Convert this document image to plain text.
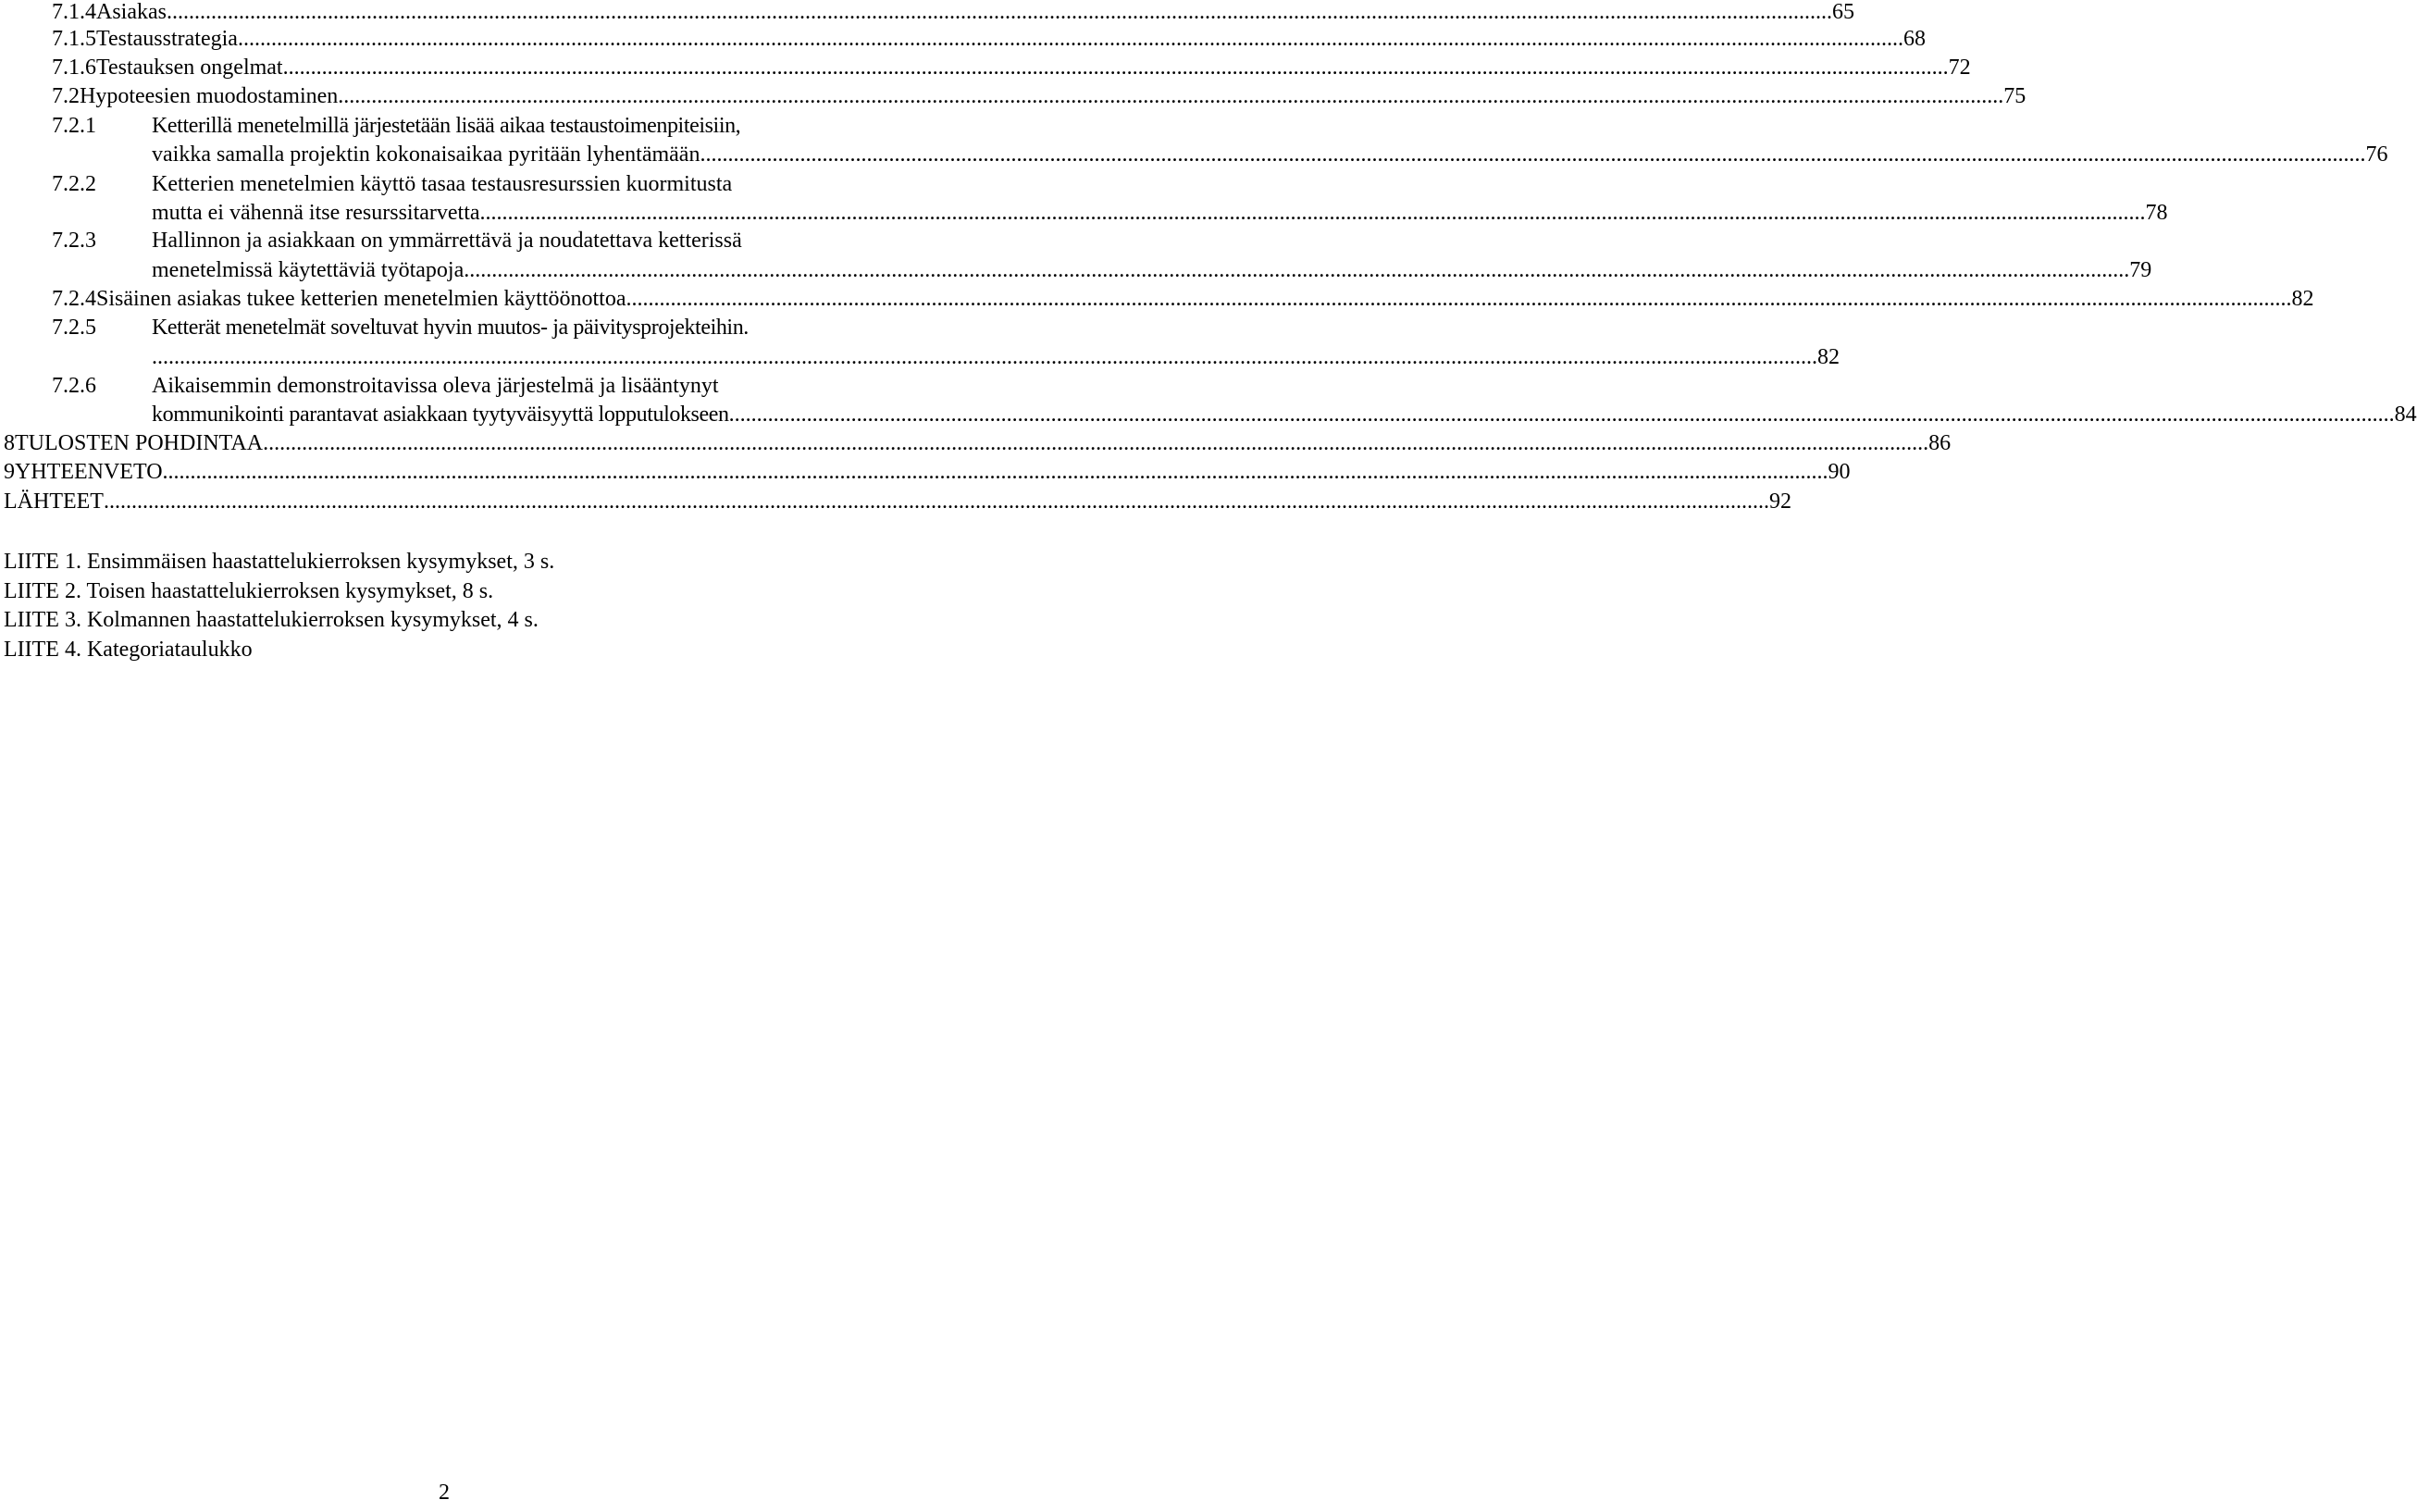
7.1.4 Asiakas ............................................................................................................................................................................................................................................................................................................ 65
7.1.5 Testausstrategia ............................................................................................................................................................................................................................................................................................................ 68
7.1.6 Testauksen ongelmat ............................................................................................................................................................................................................................................................................................................ 72
7.2 Hypoteesien muodostaminen ............................................................................................................................................................................................................................................................................................................ 75
7.2.1	Ketterillä menetelmillä järjestetään lisää aikaa testaustoimenpiteisiin,
vaikka samalla projektin kokonaisaikaa pyritään lyhentämään ............................................................................................................................................................................................................................................................................................................ 76
7.2.2	Ketterien menetelmien käyttö tasaa testausresurssien kuormitusta
mutta ei vähennä itse resurssitarvetta ............................................................................................................................................................................................................................................................................................................ 78
7.2.3	Hallinnon ja asiakkaan on ymmärrettävä ja noudatettava ketterissä
menetelmissä käytettäviä työtapoja ............................................................................................................................................................................................................................................................................................................ 79
7.2.4 Sisäinen asiakas tukee ketterien menetelmien käyttöönottoa ............................................................................................................................................................................................................................................................................................................ 82
7.2.5	Ketterät menetelmät soveltuvat hyvin muutos- ja päivitysprojekteihin.
............................................................................................................................................................................................................................................................................................................ 82
7.2.6	Aikaisemmin demonstroitavissa oleva järjestelmä ja lisääntynyt
kommunikointi parantavat asiakkaan tyytyväisyyttä lopputulokseen ............................................................................................................................................................................................................................................................................................................ 84
8 TULOSTEN POHDINTAA ............................................................................................................................................................................................................................................................................................................ 86
9 YHTEENVETO ............................................................................................................................................................................................................................................................................................................ 90
LÄHTEET ............................................................................................................................................................................................................................................................................................................ 92
LIITE 1. Ensimmäisen haastattelukierroksen kysymykset, 3 s.
LIITE 2. Toisen haastattelukierroksen kysymykset, 8 s.
LIITE 3. Kolmannen haastattelukierroksen kysymykset, 4 s.
LIITE 4. Kategoriataulukko
2
